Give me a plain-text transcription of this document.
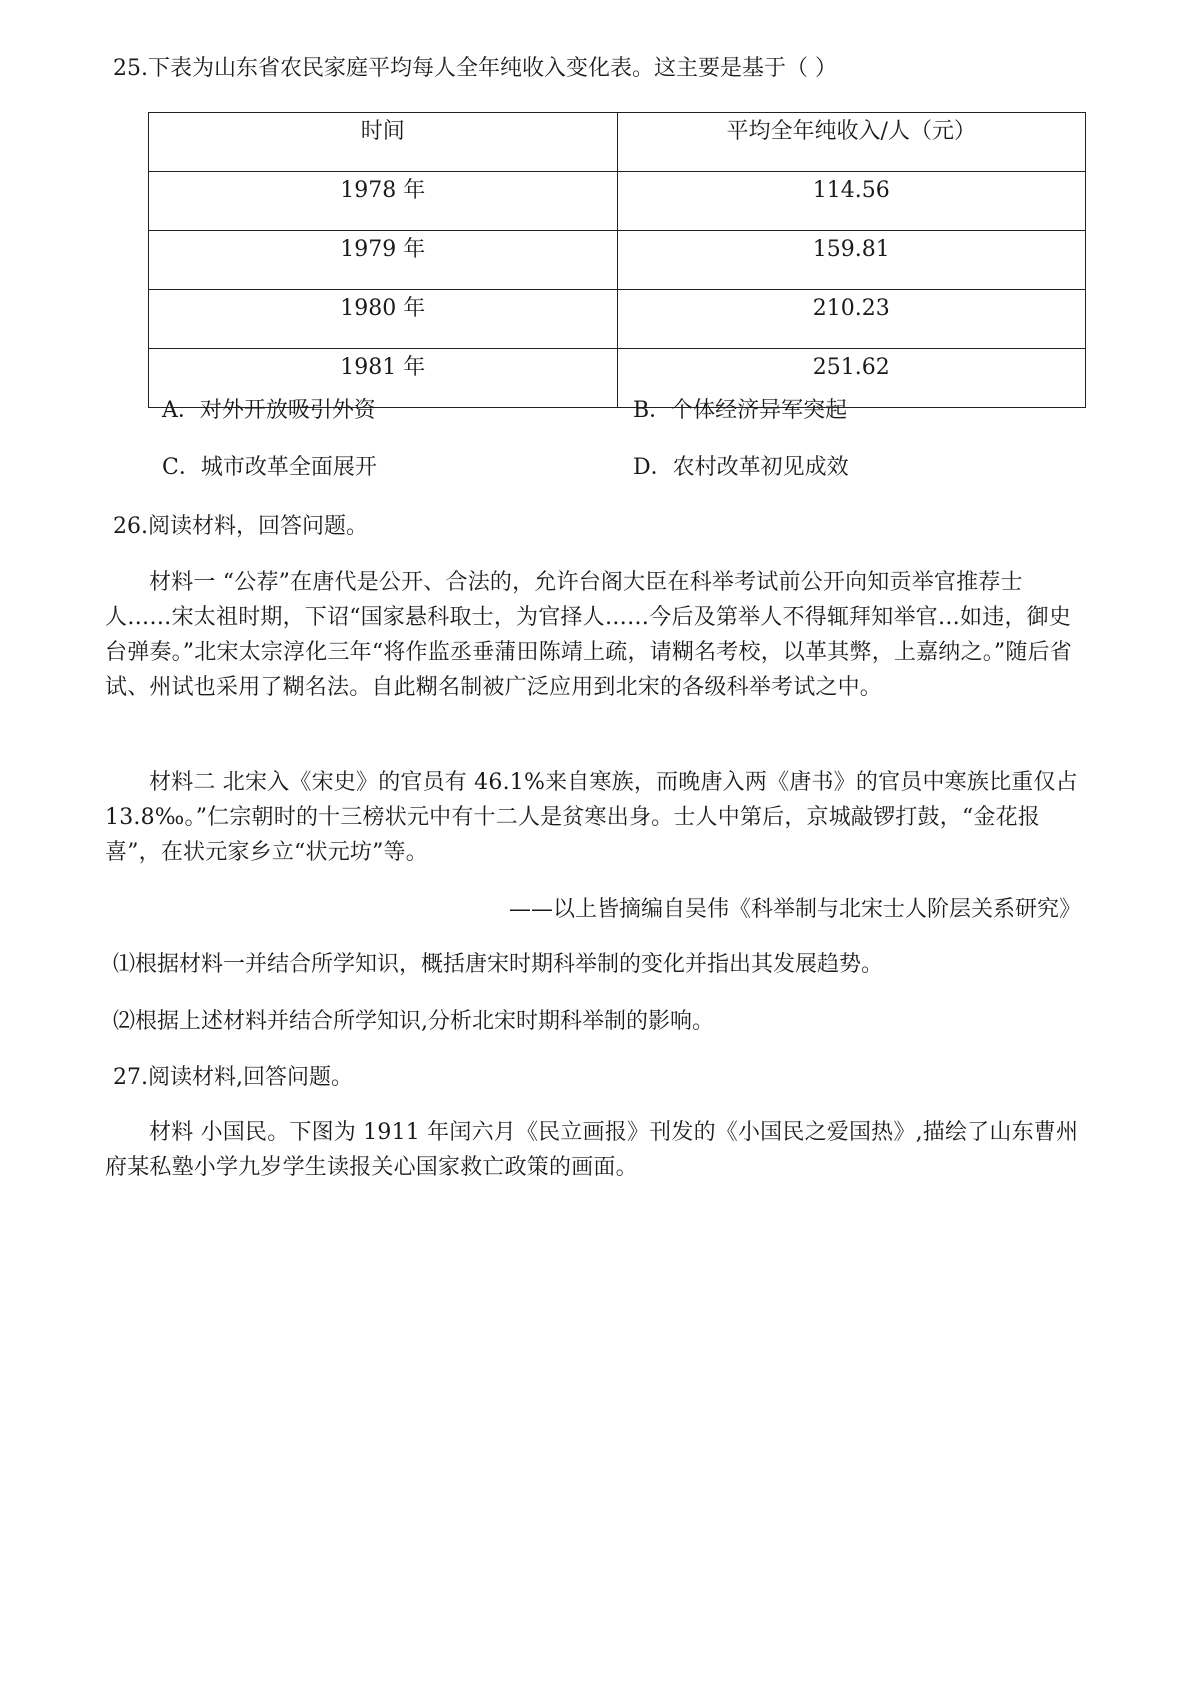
25.下表为山东省农民家庭平均每人全年纯收入变化表。这主要是基于（ ）
时间	平均全年纯收入/人（元）
1978 年	114.56
1979 年	159.81
1980 年	210.23
1981 年	251.62
A．对外开放吸引外资	B．个体经济异军突起
C．城市改革全面展开	D．农村改革初见成效
26.阅读材料，回答问题。
材料一 “公荐”在唐代是公开、合法的，允许台阁大臣在科举考试前公开向知贡举官推荐士人……宋太祖时期，下诏“国家悬科取士，为官择人……今后及第举人不得辄拜知举官…如违，御史台弹奏。”北宋太宗淳化三年“将作监丞垂蒲田陈靖上疏，请糊名考校，以革其弊，上嘉纳之。”随后省试、州试也采用了糊名法。自此糊名制被广泛应用到北宋的各级科举考试之中。
材料二 北宋入《宋史》的官员有 46.1%来自寒族，而晚唐入两《唐书》的官员中寒族比重仅占 13.8‰。”仁宗朝时的十三榜状元中有十二人是贫寒出身。士人中第后，京城敲锣打鼓，“金花报喜”，在状元家乡立“状元坊”等。
——以上皆摘编自吴伟《科举制与北宋士人阶层关系研究》
⑴根据材料一并结合所学知识，概括唐宋时期科举制的变化并指出其发展趋势。
⑵根据上述材料并结合所学知识,分析北宋时期科举制的影响。
27.阅读材料,回答问题。
材料 小国民。下图为 1911 年闰六月《民立画报》刊发的《小国民之爱国热》,描绘了山东曹州府某私塾小学九岁学生读报关心国家救亡政策的画面。
